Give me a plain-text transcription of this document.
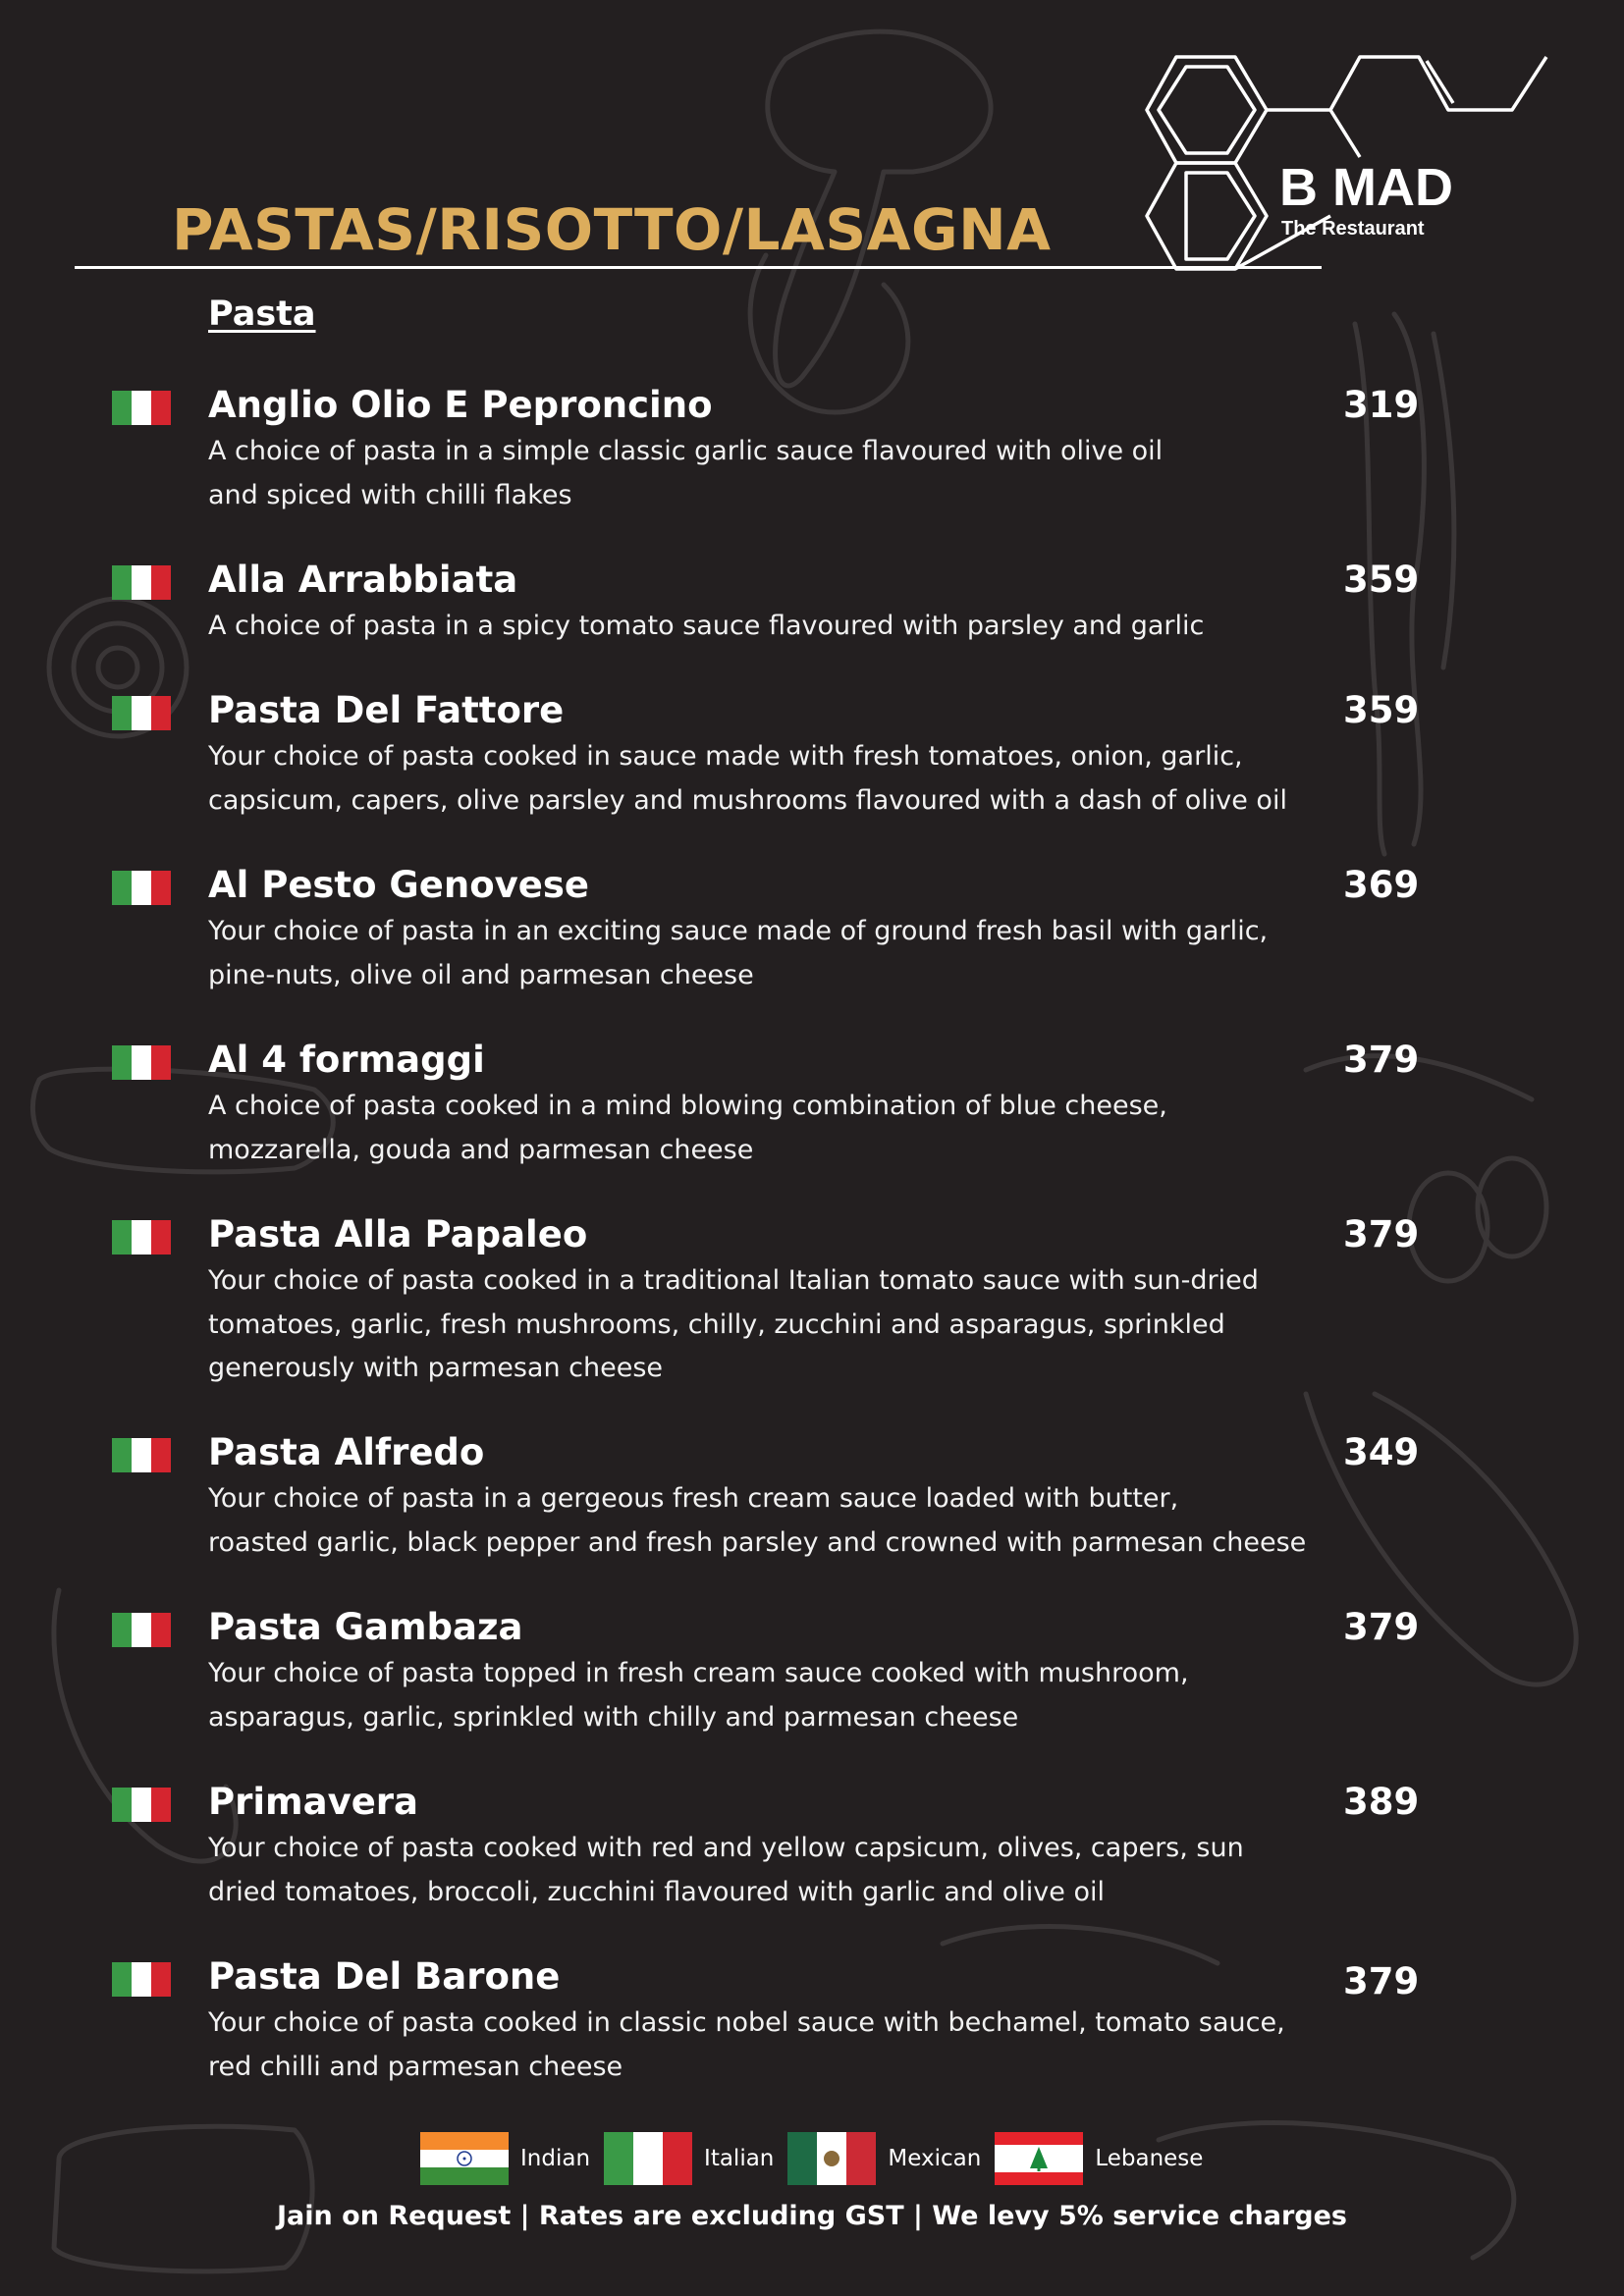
B MAD
The Restaurant
PASTAS/RISOTTO/LASAGNA
Pasta
Anglio Olio E Peproncino	319
A choice of pasta in a simple classic garlic sauce flavoured with olive oil
and spiced with chilli flakes
Alla Arrabbiata	359
A choice of pasta in a spicy tomato sauce flavoured with parsley and garlic
Pasta Del Fattore	359
Your choice of pasta cooked in sauce made with fresh tomatoes, onion, garlic,
capsicum, capers, olive parsley and mushrooms flavoured with a dash of olive oil
Al Pesto Genovese	369
Your choice of pasta in an exciting sauce made of ground fresh basil with garlic,
pine-nuts, olive oil and parmesan cheese
Al 4 formaggi	379
A choice of pasta cooked in a mind blowing combination of blue cheese,
mozzarella, gouda and parmesan cheese
Pasta Alla Papaleo	379
Your choice of pasta cooked in a traditional Italian tomato sauce with sun-dried
tomatoes, garlic, fresh mushrooms, chilly, zucchini and asparagus, sprinkled
generously with parmesan cheese
Pasta Alfredo	349
Your choice of pasta in a gergeous fresh cream sauce loaded with butter,
roasted garlic, black pepper and fresh parsley and crowned with parmesan cheese
Pasta Gambaza	379
Your choice of pasta topped in fresh cream sauce cooked with mushroom,
asparagus, garlic, sprinkled with chilly and parmesan cheese
Primavera	389
Your choice of pasta cooked with red and yellow capsicum, olives, capers, sun
dried tomatoes, broccoli, zucchini flavoured with garlic and olive oil
Pasta Del Barone	379
Your choice of pasta cooked in classic nobel sauce with bechamel, tomato sauce,
red chilli and parmesan cheese
Indian	Italian	Mexican	Lebanese
Jain on Request | Rates are excluding GST | We levy 5% service charges
